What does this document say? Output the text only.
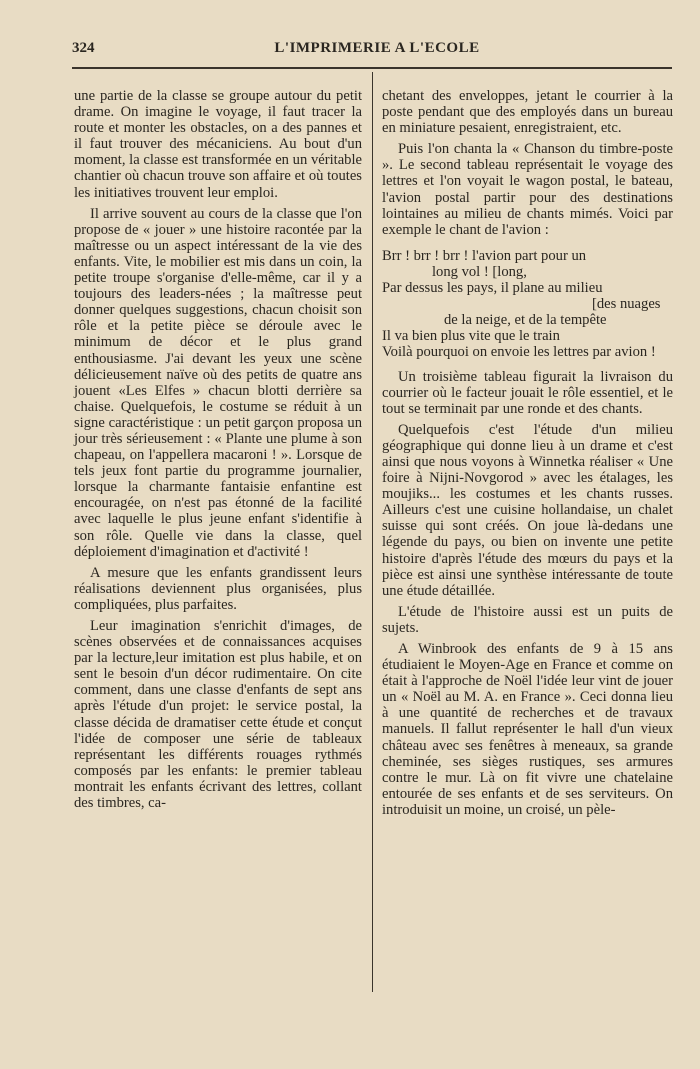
324	L'IMPRIMERIE A L'ECOLE

une partie de la classe se groupe autour du petit drame. On imagine le voyage, il faut tracer la route et monter les obstacles, on a des pannes et il faut trouver des mécaniciens. Au bout d'un moment, la classe est transformée en un véritable chantier où chacun trouve son affaire et où toutes les initiatives trouvent leur emploi.

Il arrive souvent au cours de la classe que l'on propose de « jouer » une histoire racontée par la maîtresse ou un aspect intéressant de la vie des enfants. Vite, le mobilier est mis dans un coin, la petite troupe s'organise d'elle-même, car il y a toujours des leaders-nées ; la maîtresse peut donner quelques suggestions, chacun choisit son rôle et la petite pièce se déroule avec le minimum de décor et le plus grand enthousiasme. J'ai devant les yeux une scène délicieusement naïve où des petits de quatre ans jouent «Les Elfes » chacun blotti derrière sa chaise. Quelquefois, le costume se réduit à un signe caractéristique : un petit garçon proposa un jour très sérieusement : « Plante une plume à son chapeau, on l'appellera macaroni ! ». Lorsque de tels jeux font partie du programme journalier, lorsque la charmante fantaisie enfantine est encouragée, on n'est pas étonné de la facilité avec laquelle le plus jeune enfant s'identifie à son rôle. Quelle vie dans la classe, quel déploiement d'imagination et d'activité !

A mesure que les enfants grandissent leurs réalisations deviennent plus organisées, plus compliquées, plus parfaites.

Leur imagination s'enrichit d'images, de scènes observées et de connaissances acquises par la lecture,leur imitation est plus habile, et on sent le besoin d'un décor rudimentaire. On cite comment, dans une classe d'enfants de sept ans après l'étude d'un projet: le service postal, la classe décida de dramatiser cette étude et conçut l'idée de composer une série de tableaux représentant les différents rouages rythmés composés par les enfants: le premier tableau montrait les enfants écrivant des lettres, collant des timbres, ca-

chetant des enveloppes, jetant le courrier à la poste pendant que des employés dans un bureau en miniature pesaient, enregistraient, etc.

Puis l'on chanta la « Chanson du timbre-poste ». Le second tableau représentait le voyage des lettres et l'on voyait le wagon postal, le bateau, l'avion postal partir pour des destinations lointaines au milieu de chants mimés. Voici par exemple le chant de l'avion :

Brr ! brr ! brr ! l'avion part pour un
long vol ! [long,
Par dessus les pays, il plane au milieu
[des nuages
de la neige, et de la tempête
Il va bien plus vite que le train
Voilà pourquoi on envoie les lettres par avion !

Un troisième tableau figurait la livraison du courrier où le facteur jouait le rôle essentiel, et le tout se terminait par une ronde et des chants.

Quelquefois c'est l'étude d'un milieu géographique qui donne lieu à un drame et c'est ainsi que nous voyons à Winnetka réaliser « Une foire à Nijni-Novgorod » avec les étalages, les moujiks... les costumes et les chants russes. Ailleurs c'est une cuisine hollandaise, un chalet suisse qui sont créés. On joue là-dedans une légende du pays, ou bien on invente une petite histoire d'après l'étude des mœurs du pays et la pièce est ainsi une synthèse intéressante de toute une étude détaillée.

L'étude de l'histoire aussi est un puits de sujets.

A Winbrook des enfants de 9 à 15 ans étudiaient le Moyen-Age en France et comme on était à l'approche de Noël l'idée leur vint de jouer un « Noël au M. A. en France ». Ceci donna lieu à une quantité de recherches et de travaux manuels. Il fallut représenter le hall d'un vieux château avec ses fenêtres à meneaux, sa grande cheminée, ses sièges rustiques, ses armures contre le mur. Là on fit vivre une chatelaine entourée de ses enfants et de ses serviteurs. On introduisit un moine, un croisé, un pèle-
